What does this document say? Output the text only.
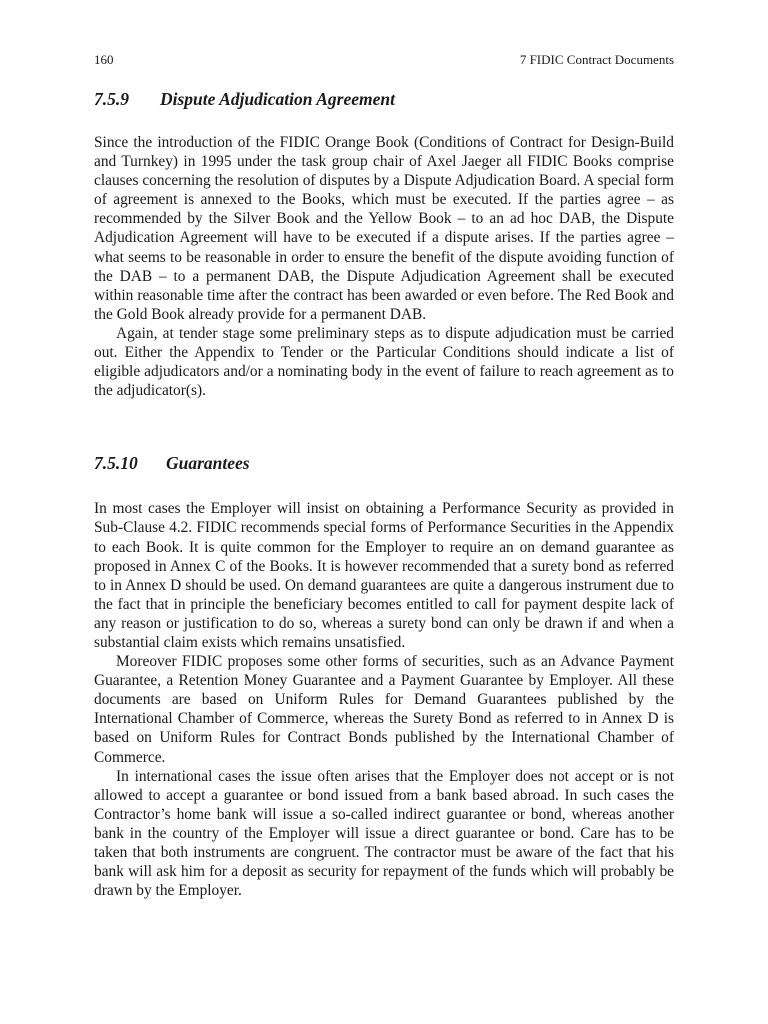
160	7 FIDIC Contract Documents
7.5.9 Dispute Adjudication Agreement

Since the introduction of the FIDIC Orange Book (Conditions of Contract for Design-Build and Turnkey) in 1995 under the task group chair of Axel Jaeger all FIDIC Books comprise clauses concerning the resolution of disputes by a Dispute Adjudication Board. A special form of agreement is annexed to the Books, which must be executed. If the parties agree – as recommended by the Silver Book and the Yellow Book – to an ad hoc DAB, the Dispute Adjudication Agreement will have to be executed if a dispute arises. If the parties agree – what seems to be reasonable in order to ensure the benefit of the dispute avoiding function of the DAB – to a permanent DAB, the Dispute Adjudication Agreement shall be executed within reasonable time after the contract has been awarded or even before. The Red Book and the Gold Book already provide for a permanent DAB.

Again, at tender stage some preliminary steps as to dispute adjudication must be carried out. Either the Appendix to Tender or the Particular Conditions should indicate a list of eligible adjudicators and/or a nominating body in the event of failure to reach agreement as to the adjudicator(s).

7.5.10 Guarantees

In most cases the Employer will insist on obtaining a Performance Security as provided in Sub-Clause 4.2. FIDIC recommends special forms of Performance Securities in the Appendix to each Book. It is quite common for the Employer to require an on demand guarantee as proposed in Annex C of the Books. It is however recommended that a surety bond as referred to in Annex D should be used. On demand guarantees are quite a dangerous instrument due to the fact that in principle the beneficiary becomes entitled to call for payment despite lack of any reason or justification to do so, whereas a surety bond can only be drawn if and when a substantial claim exists which remains unsatisfied.

Moreover FIDIC proposes some other forms of securities, such as an Advance Payment Guarantee, a Retention Money Guarantee and a Payment Guarantee by Employer. All these documents are based on Uniform Rules for Demand Guarantees published by the International Chamber of Commerce, whereas the Surety Bond as referred to in Annex D is based on Uniform Rules for Contract Bonds published by the International Chamber of Commerce.

In international cases the issue often arises that the Employer does not accept or is not allowed to accept a guarantee or bond issued from a bank based abroad. In such cases the Contractor’s home bank will issue a so-called indirect guarantee or bond, whereas another bank in the country of the Employer will issue a direct guarantee or bond. Care has to be taken that both instruments are congruent. The contractor must be aware of the fact that his bank will ask him for a deposit as security for repayment of the funds which will probably be drawn by the Employer.
